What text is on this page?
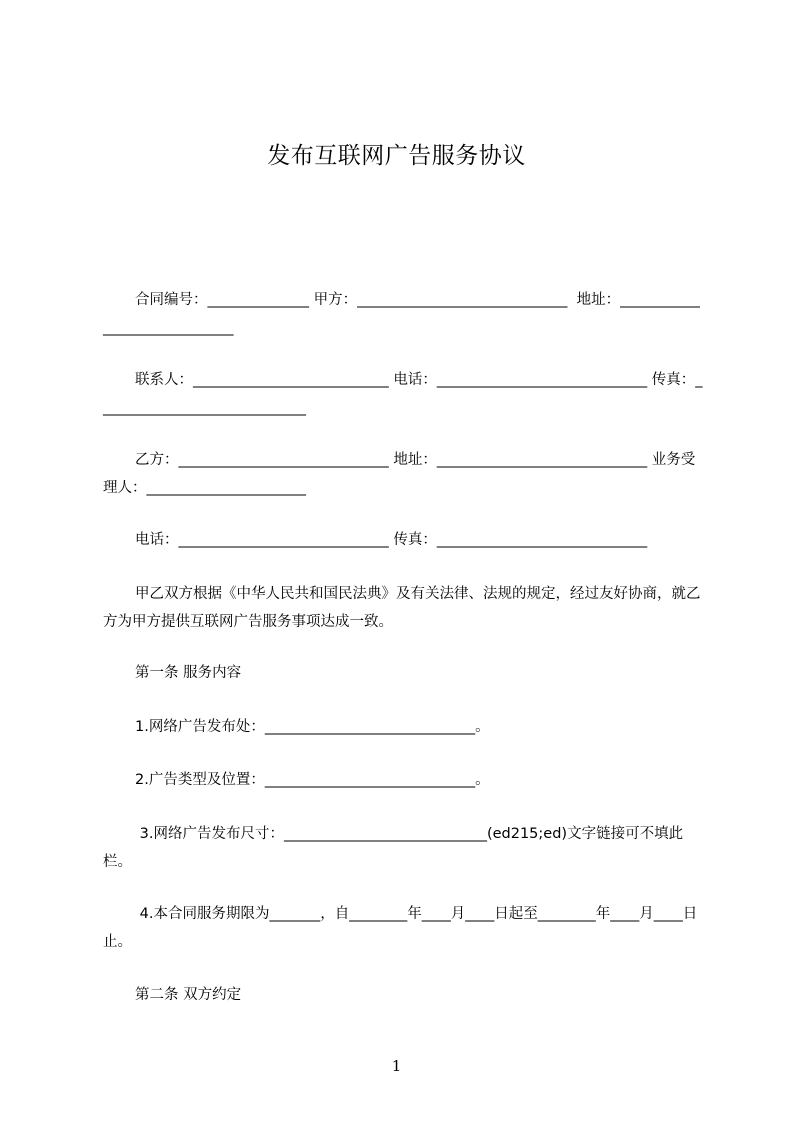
发布互联网广告服务协议

合同编号：______________ 甲方：_____________________________  地址：_____________________________

联系人：___________________________ 电话：_____________________________ 传真：_____________________________

乙方：_____________________________ 地址：_____________________________ 业务受理人：______________________

电话：_____________________________ 传真：_____________________________

甲乙双方根据《中华人民共和国民法典》及有关法律、法规的规定，经过友好协商，就乙方为甲方提供互联网广告服务事项达成一致。

第一条 服务内容

1.网络广告发布处：_____________________________。

2.广告类型及位置：_____________________________。

3.网络广告发布尺寸：____________________________(ed215;ed)文字链接可不填此栏。

4.本合同服务期限为_______，自________年____月____日起至________年____月____日止。

第二条 双方约定

1
